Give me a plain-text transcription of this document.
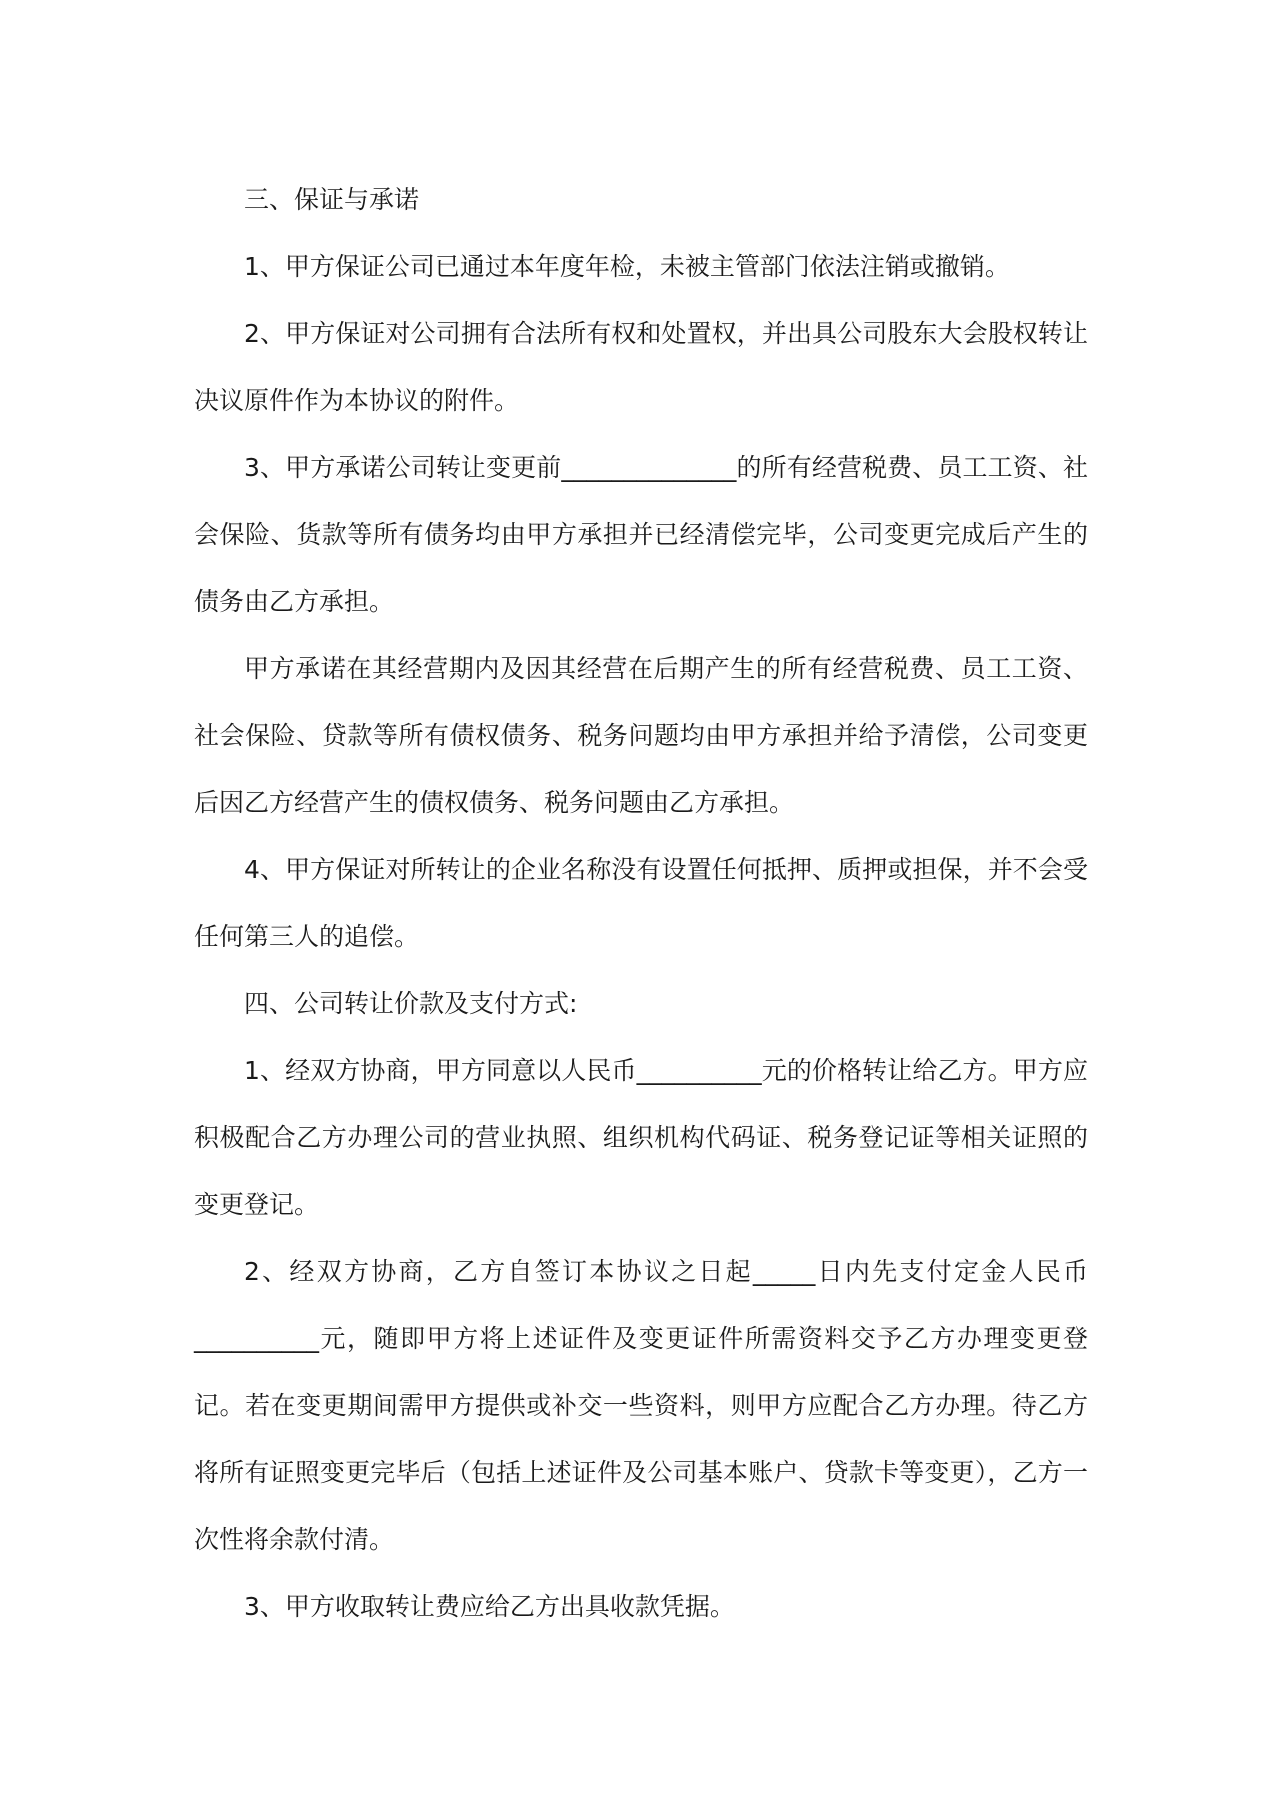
三、保证与承诺

1、甲方保证公司已通过本年度年检，未被主管部门依法注销或撤销。

2、甲方保证对公司拥有合法所有权和处置权，并出具公司股东大会股权转让决议原件作为本协议的附件。

3、甲方承诺公司转让变更前______________的所有经营税费、员工工资、社会保险、货款等所有债务均由甲方承担并已经清偿完毕，公司变更完成后产生的债务由乙方承担。

甲方承诺在其经营期内及因其经营在后期产生的所有经营税费、员工工资、社会保险、贷款等所有债权债务、税务问题均由甲方承担并给予清偿，公司变更后因乙方经营产生的债权债务、税务问题由乙方承担。

4、甲方保证对所转让的企业名称没有设置任何抵押、质押或担保，并不会受任何第三人的追偿。

四、公司转让价款及支付方式:

1、经双方协商，甲方同意以人民币__________元的价格转让给乙方。甲方应积极配合乙方办理公司的营业执照、组织机构代码证、税务登记证等相关证照的变更登记。

2、经双方协商，乙方自签订本协议之日起_____日内先支付定金人民币__________元，随即甲方将上述证件及变更证件所需资料交予乙方办理变更登记。若在变更期间需甲方提供或补交一些资料，则甲方应配合乙方办理。待乙方将所有证照变更完毕后（包括上述证件及公司基本账户、贷款卡等变更），乙方一次性将余款付清。

3、甲方收取转让费应给乙方出具收款凭据。
